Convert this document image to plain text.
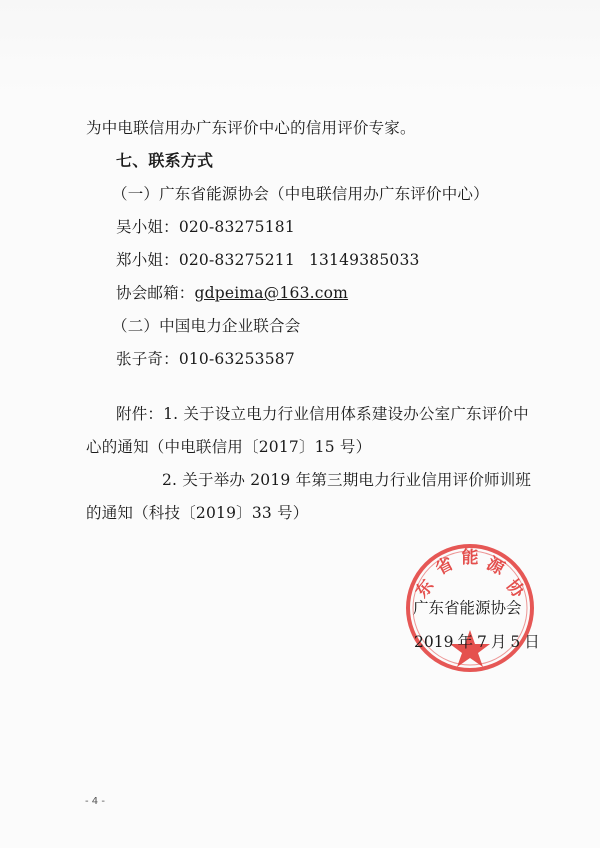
为中电联信用办广东评价中心的信用评价专家。
七、联系方式
（一）广东省能源协会（中电联信用办广东评价中心）
吴小姐：020-83275181
郑小姐：020-83275211 13149385033
协会邮箱：gdpeima@163.com
（二）中国电力企业联合会
张子奇：010-63253587
附件：1. 关于设立电力行业信用体系建设办公室广东评价中
心的通知（中电联信用〔2017〕15 号）
2. 关于举办 2019 年第三期电力行业信用评价师训班
的通知（科技〔2019〕33 号）
东
省 能 源
协
广东省能源协会
2019 年 7 月 5 日
- 4 -
